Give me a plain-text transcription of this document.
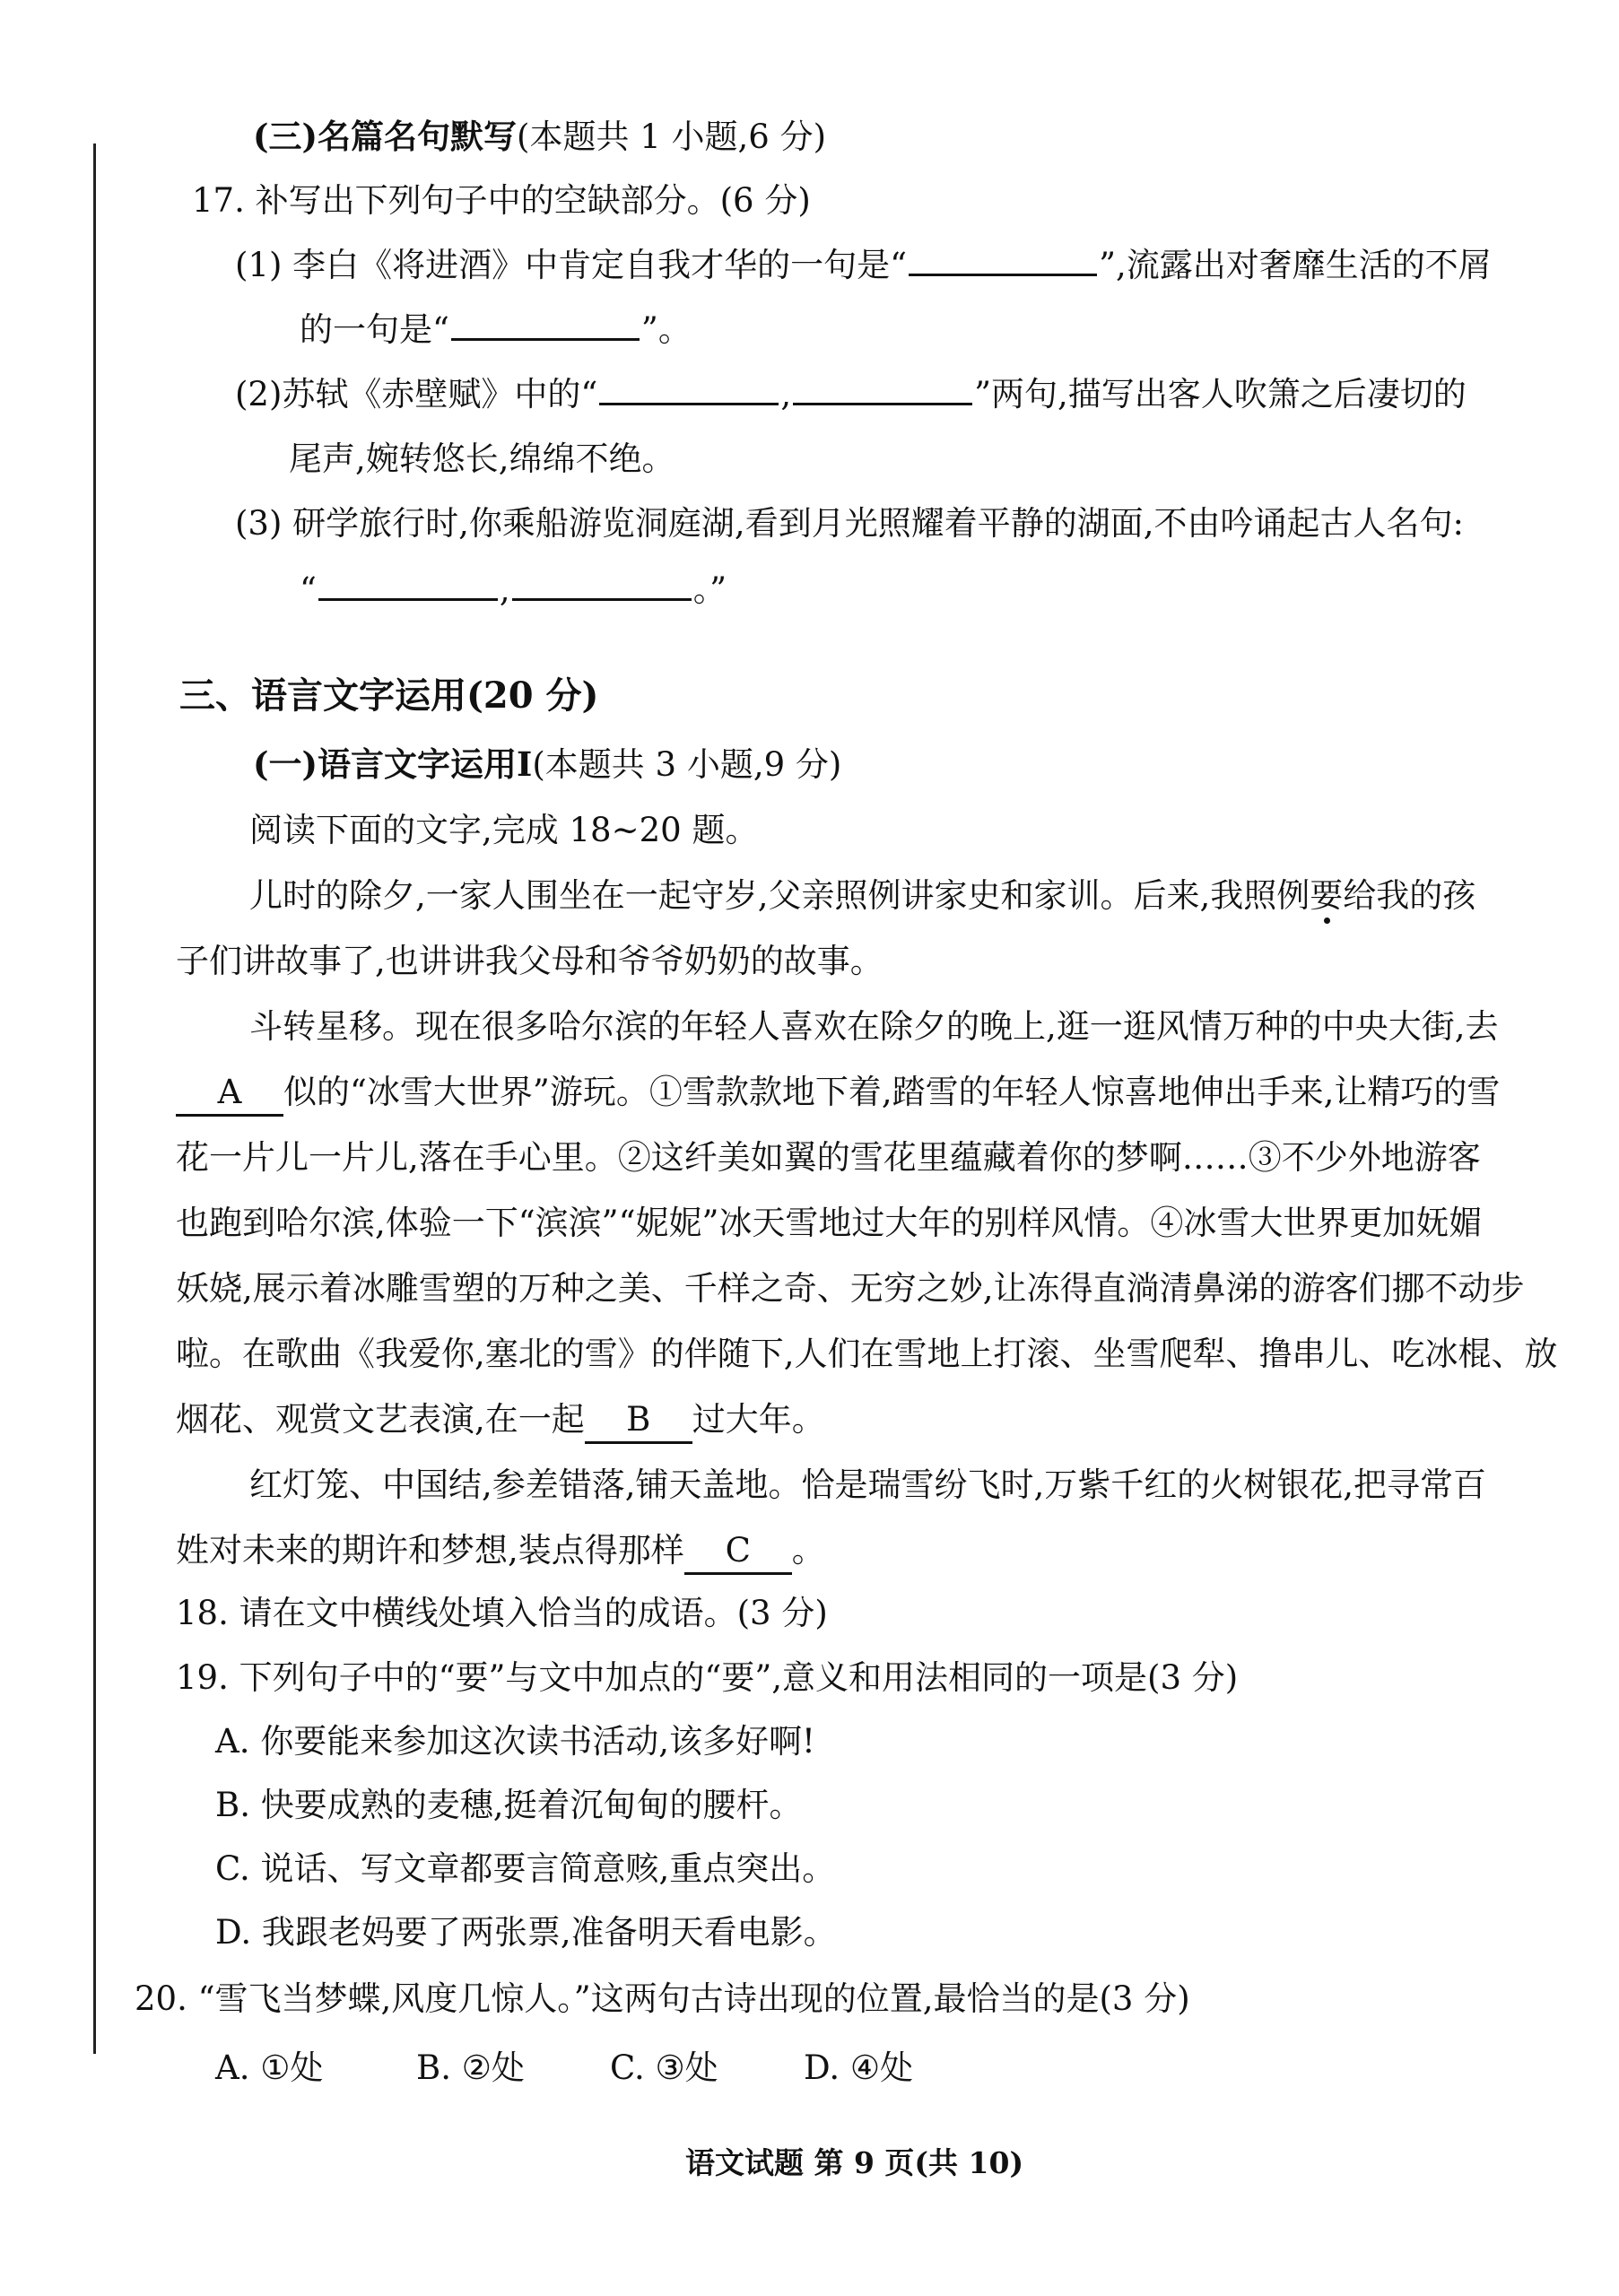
(三)名篇名句默写(本题共 1 小题,6 分)
17. 补写出下列句子中的空缺部分。(6 分)
(1) 李白《将进酒》中肯定自我才华的一句是“	”,流露出对奢靡生活的不屑
的一句是“	”。
(2)苏轼《赤壁赋》中的“	,	”两句,描写出客人吹箫之后凄切的
尾声,婉转悠长,绵绵不绝。
(3) 研学旅行时,你乘船游览洞庭湖,看到月光照耀着平静的湖面,不由吟诵起古人名句:
“	,	。”
三、语言文字运用(20 分)
(一)语言文字运用Ⅰ(本题共 3 小题,9 分)
阅读下面的文字,完成 18~20 题。
儿时的除夕,一家人围坐在一起守岁,父亲照例讲家史和家训。后来,我照例要给我的孩
子们讲故事了,也讲讲我父母和爷爷奶奶的故事。
斗转星移。现在很多哈尔滨的年轻人喜欢在除夕的晚上,逛一逛风情万种的中央大街,去
A 似的“冰雪大世界”游玩。①雪款款地下着,踏雪的年轻人惊喜地伸出手来,让精巧的雪
花一片儿一片儿,落在手心里。②这纤美如翼的雪花里蕴藏着你的梦啊……③不少外地游客
也跑到哈尔滨,体验一下“滨滨”“妮妮”冰天雪地过大年的别样风情。④冰雪大世界更加妩媚
妖娆,展示着冰雕雪塑的万种之美、千样之奇、无穷之妙,让冻得直淌清鼻涕的游客们挪不动步
啦。在歌曲《我爱你,塞北的雪》的伴随下,人们在雪地上打滚、坐雪爬犁、撸串儿、吃冰棍、放
烟花、观赏文艺表演,在一起 B 过大年。
红灯笼、中国结,参差错落,铺天盖地。恰是瑞雪纷飞时,万紫千红的火树银花,把寻常百
姓对未来的期许和梦想,装点得那样 C 。
18. 请在文中横线处填入恰当的成语。(3 分)
19. 下列句子中的“要”与文中加点的“要”,意义和用法相同的一项是(3 分)
A. 你要能来参加这次读书活动,该多好啊!
B. 快要成熟的麦穗,挺着沉甸甸的腰杆。
C. 说话、写文章都要言简意赅,重点突出。
D. 我跟老妈要了两张票,准备明天看电影。
20. “雪飞当梦蝶,风度几惊人。”这两句古诗出现的位置,最恰当的是(3 分)
A. ①处	B. ②处	C. ③处	D. ④处
语文试题 第 9 页(共 10)
